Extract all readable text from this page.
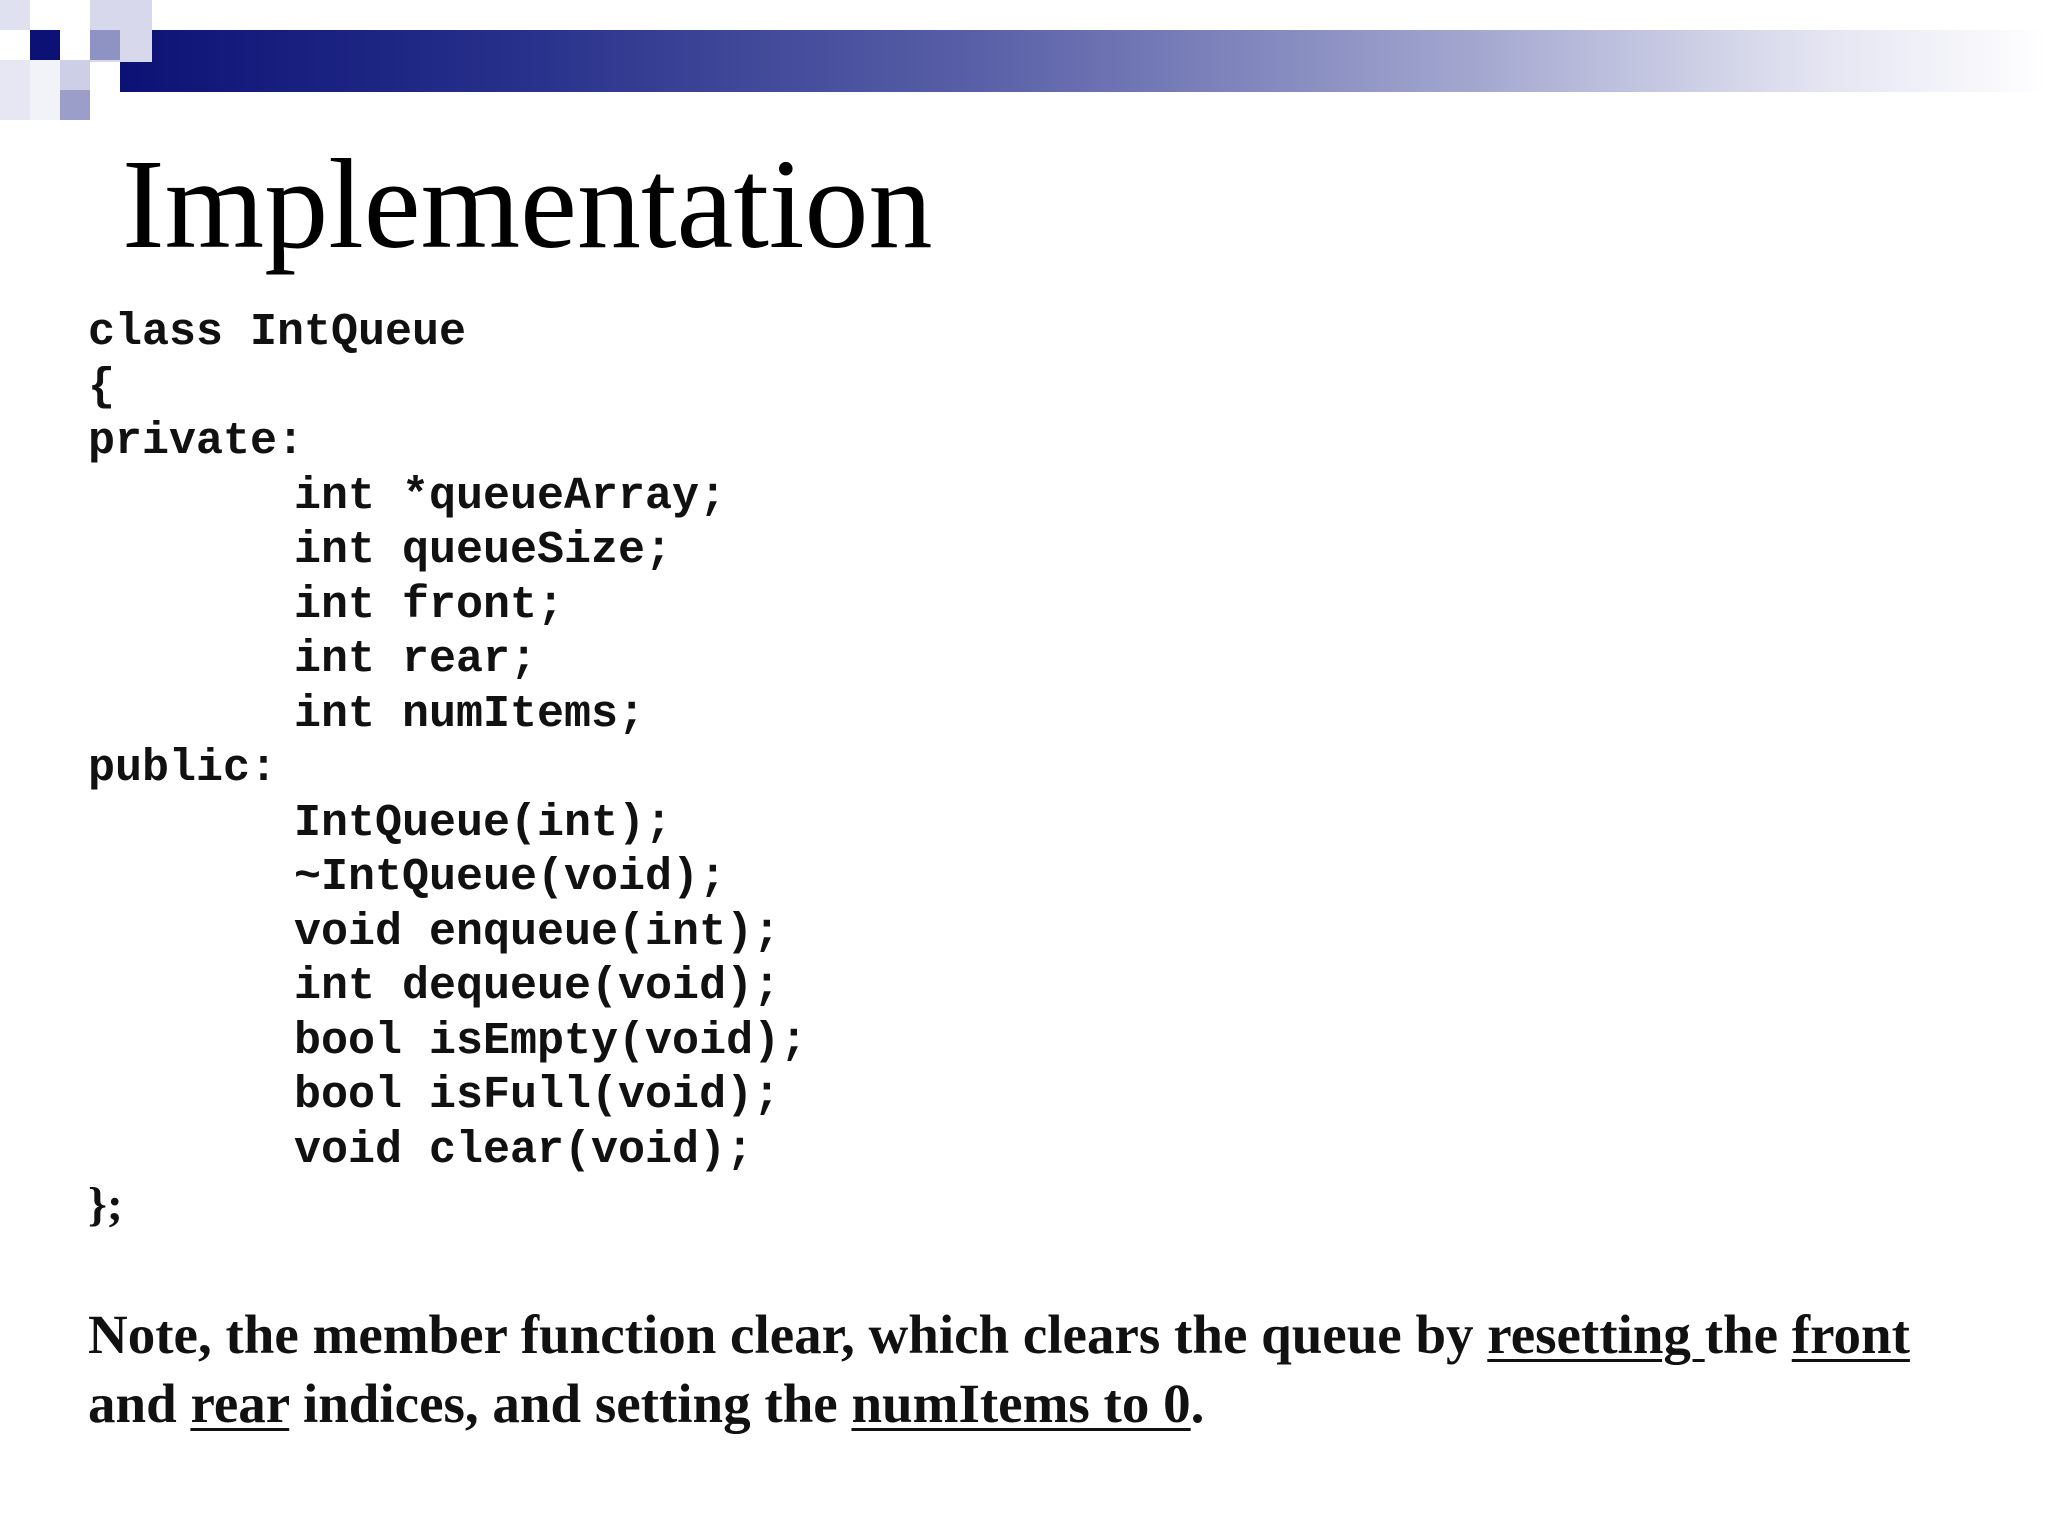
Implementation
class IntQueue
{
private:
int *queueArray;
int queueSize;
int front;
int rear;
int numItems;
public:
IntQueue(int);
~IntQueue(void);
void enqueue(int);
int dequeue(void);
bool isEmpty(void);
bool isFull(void);
void clear(void);
};

Note, the member function clear, which clears the queue by resetting the front and rear indices, and setting the numItems to 0.
